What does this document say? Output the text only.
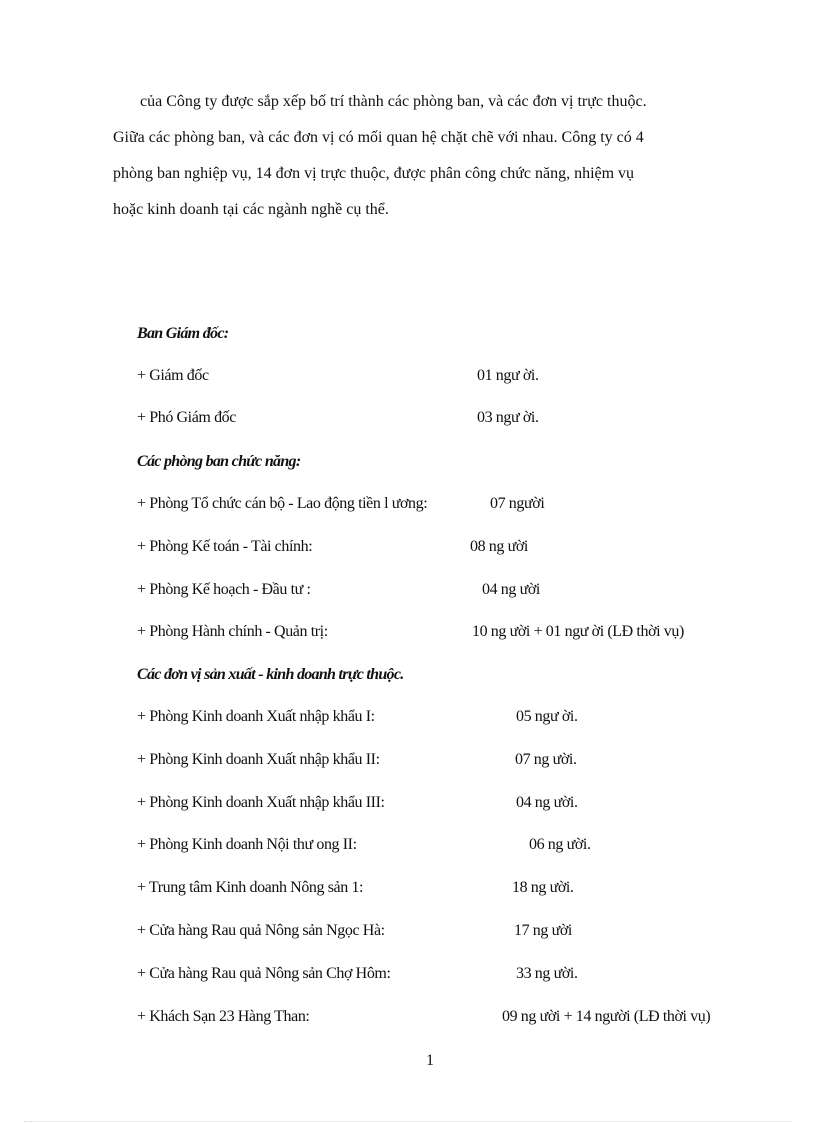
của Công ty được sắp xếp bố trí thành các phòng ban, và các đơn vị trực thuộc.
Giữa các phòng ban, và các đơn vị có mối quan hệ chặt chẽ với nhau. Công ty có 4
phòng ban nghiệp vụ, 14 đơn vị trực thuộc, được phân công chức năng, nhiệm vụ
hoặc kinh doanh tại các ngành nghề cụ thể.
Ban Giám đốc:
+ Giám đốc	01 ngư ời.
+ Phó Giám đốc	03 ngư ời.
Các phòng ban chức năng:
+ Phòng Tổ chức cán bộ - Lao động tiền l ương:	07 người
+ Phòng Kế toán - Tài chính:	08 ng ười
+ Phòng Kế hoạch - Đầu tư :	04 ng ười
+ Phòng Hành chính - Quản trị:	10 ng ười + 01 ngư ời (LĐ thời vụ)
Các đơn vị sản xuất - kinh doanh trực thuộc.
+ Phòng Kinh doanh Xuất nhập khẩu I:	05 ngư ời.
+ Phòng Kinh doanh Xuất nhập khẩu II:	07 ng ười.
+ Phòng Kinh doanh Xuất nhập khẩu III:	04 ng ười.
+ Phòng Kinh doanh Nội thư ong II:	06 ng ười.
+ Trung tâm Kinh doanh Nông sản 1:	18 ng ười.
+ Cửa hàng Rau quả Nông sản Ngọc Hà:	17 ng ười
+ Cửa hàng Rau quả Nông sản Chợ Hôm:	33 ng ười.
+ Khách Sạn 23 Hàng Than:	09 ng ười + 14 người (LĐ thời vụ)
1
